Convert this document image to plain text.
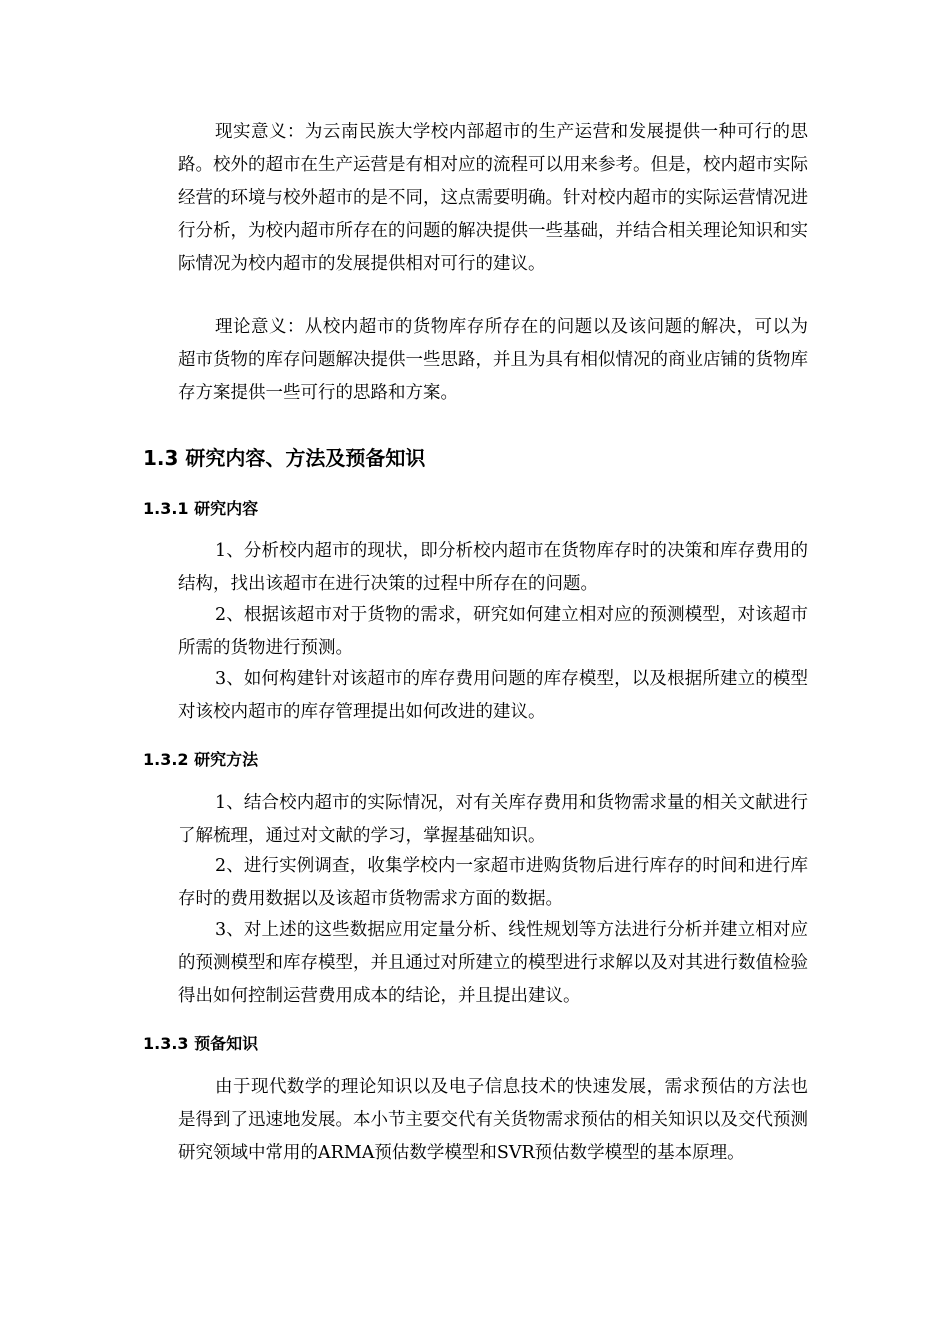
现实意义：为云南民族大学校内部超市的生产运营和发展提供一种可行的思路。校外的超市在生产运营是有相对应的流程可以用来参考。但是，校内超市实际经营的环境与校外超市的是不同，这点需要明确。针对校内超市的实际运营情况进行分析，为校内超市所存在的问题的解决提供一些基础，并结合相关理论知识和实际情况为校内超市的发展提供相对可行的建议。

理论意义：从校内超市的货物库存所存在的问题以及该问题的解决，可以为超市货物的库存问题解决提供一些思路，并且为具有相似情况的商业店铺的货物库存方案提供一些可行的思路和方案。

1.3 研究内容、方法及预备知识
1.3.1 研究内容

1、分析校内超市的现状，即分析校内超市在货物库存时的决策和库存费用的结构，找出该超市在进行决策的过程中所存在的问题。

2、根据该超市对于货物的需求，研究如何建立相对应的预测模型，对该超市所需的货物进行预测。

3、如何构建针对该超市的库存费用问题的库存模型，以及根据所建立的模型对该校内超市的库存管理提出如何改进的建议。

1.3.2 研究方法

1、结合校内超市的实际情况，对有关库存费用和货物需求量的相关文献进行了解梳理，通过对文献的学习，掌握基础知识。

2、进行实例调查，收集学校内一家超市进购货物后进行库存的时间和进行库存时的费用数据以及该超市货物需求方面的数据。

3、对上述的这些数据应用定量分析、线性规划等方法进行分析并建立相对应的预测模型和库存模型，并且通过对所建立的模型进行求解以及对其进行数值检验得出如何控制运营费用成本的结论，并且提出建议。

1.3.3 预备知识

由于现代数学的理论知识以及电子信息技术的快速发展，需求预估的方法也是得到了迅速地发展。本小节主要交代有关货物需求预估的相关知识以及交代预测研究领域中常用的ARMA预估数学模型和SVR预估数学模型的基本原理。
